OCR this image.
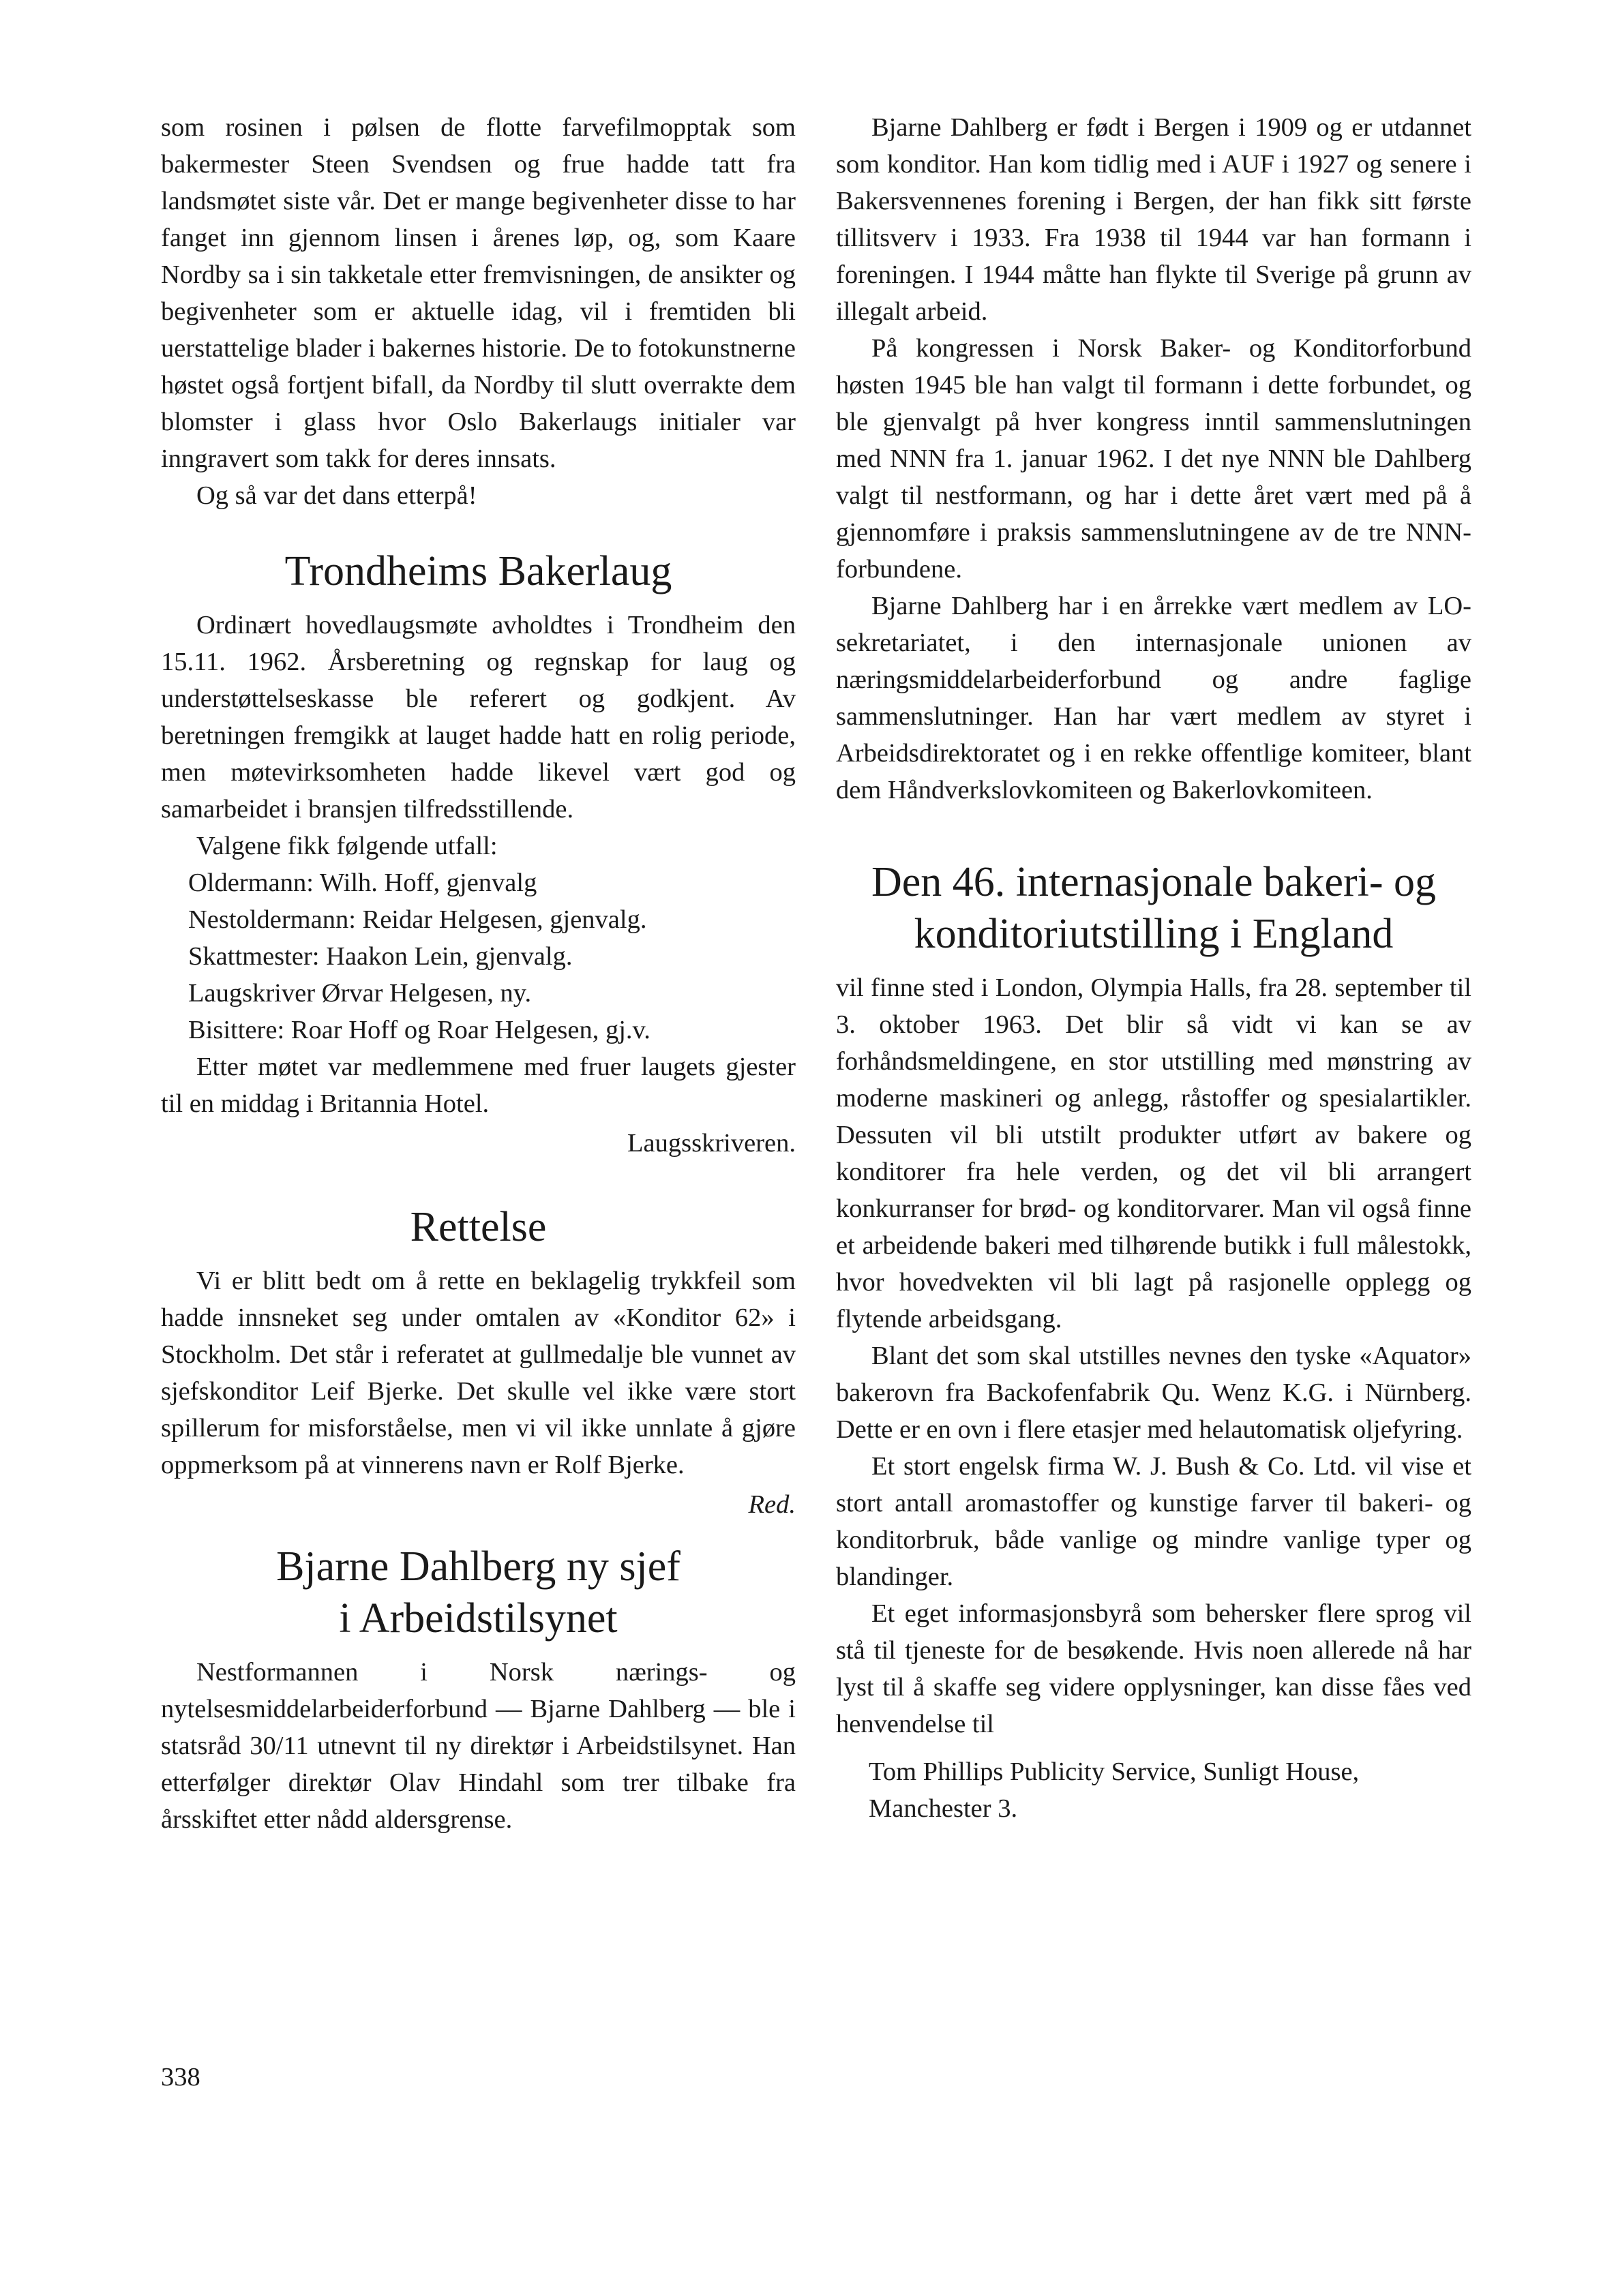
som rosinen i pølsen de flotte farvefilmopptak som bakermester Steen Svendsen og frue hadde tatt fra landsmøtet siste vår. Det er mange begivenheter disse to har fanget inn gjennom linsen i årenes løp, og, som Kaare Nordby sa i sin takketale etter fremvisningen, de ansikter og begivenheter som er aktuelle idag, vil i fremtiden bli uerstattelige blader i bakernes historie. De to fotokunstnerne høstet også fortjent bifall, da Nordby til slutt overrakte dem blomster i glass hvor Oslo Bakerlaugs initialer var inngravert som takk for deres innsats.

Og så var det dans etterpå!

Trondheims Bakerlaug

Ordinært hovedlaugsmøte avholdtes i Trondheim den 15.11. 1962. Årsberetning og regnskap for laug og understøttelseskasse ble referert og godkjent. Av beretningen fremgikk at lauget hadde hatt en rolig periode, men møtevirksomheten hadde likevel vært god og samarbeidet i bransjen tilfredsstillende.

Valgene fikk følgende utfall:

Oldermann: Wilh. Hoff, gjenvalg
Nestoldermann: Reidar Helgesen, gjenvalg.
Skattmester: Haakon Lein, gjenvalg.
Laugskriver Ørvar Helgesen, ny.
Bisittere: Roar Hoff og Roar Helgesen, gj.v.

Etter møtet var medlemmene med fruer laugets gjester til en middag i Britannia Hotel.

Laugsskriveren.

Rettelse

Vi er blitt bedt om å rette en beklagelig trykkfeil som hadde innsneket seg under omtalen av «Konditor 62» i Stockholm. Det står i referatet at gullmedalje ble vunnet av sjefskonditor Leif Bjerke. Det skulle vel ikke være stort spillerum for misforståelse, men vi vil ikke unnlate å gjøre oppmerksom på at vinnerens navn er Rolf Bjerke.

Red.

Bjarne Dahlberg ny sjef
i Arbeidstilsynet

Nestformannen i Norsk nærings- og nytelsesmiddelarbeiderforbund — Bjarne Dahlberg — ble i statsråd 30/11 utnevnt til ny direktør i Arbeidstilsynet. Han etterfølger direktør Olav Hindahl som trer tilbake fra årsskiftet etter nådd aldersgrense.

Bjarne Dahlberg er født i Bergen i 1909 og er utdannet som konditor. Han kom tidlig med i AUF i 1927 og senere i Bakersvennenes forening i Bergen, der han fikk sitt første tillitsverv i 1933. Fra 1938 til 1944 var han formann i foreningen. I 1944 måtte han flykte til Sverige på grunn av illegalt arbeid.

På kongressen i Norsk Baker- og Konditorforbund høsten 1945 ble han valgt til formann i dette forbundet, og ble gjenvalgt på hver kongress inntil sammenslutningen med NNN fra 1. januar 1962. I det nye NNN ble Dahlberg valgt til nestformann, og har i dette året vært med på å gjennomføre i praksis sammenslutningene av de tre NNN-forbundene.

Bjarne Dahlberg har i en årrekke vært medlem av LO-sekretariatet, i den internasjonale unionen av næringsmiddelarbeiderforbund og andre faglige sammenslutninger. Han har vært medlem av styret i Arbeidsdirektoratet og i en rekke offentlige komiteer, blant dem Håndverkslovkomiteen og Bakerlovkomiteen.

Den 46. internasjonale bakeri- og
konditoriutstilling i England

vil finne sted i London, Olympia Halls, fra 28. september til 3. oktober 1963. Det blir så vidt vi kan se av forhåndsmeldingene, en stor utstilling med mønstring av moderne maskineri og anlegg, råstoffer og spesialartikler. Dessuten vil bli utstilt produkter utført av bakere og konditorer fra hele verden, og det vil bli arrangert konkurranser for brød- og konditorvarer. Man vil også finne et arbeidende bakeri med tilhørende butikk i full målestokk, hvor hovedvekten vil bli lagt på rasjonelle opplegg og flytende arbeidsgang.

Blant det som skal utstilles nevnes den tyske «Aquator» bakerovn fra Backofenfabrik Qu. Wenz K.G. i Nürnberg. Dette er en ovn i flere etasjer med helautomatisk oljefyring.

Et stort engelsk firma W. J. Bush & Co. Ltd. vil vise et stort antall aromastoffer og kunstige farver til bakeri- og konditorbruk, både vanlige og mindre vanlige typer og blandinger.

Et eget informasjonsbyrå som behersker flere sprog vil stå til tjeneste for de besøkende. Hvis noen allerede nå har lyst til å skaffe seg videre opplysninger, kan disse fåes ved henvendelse til

Tom Phillips Publicity Service, Sunligt House,
Manchester 3.
338
